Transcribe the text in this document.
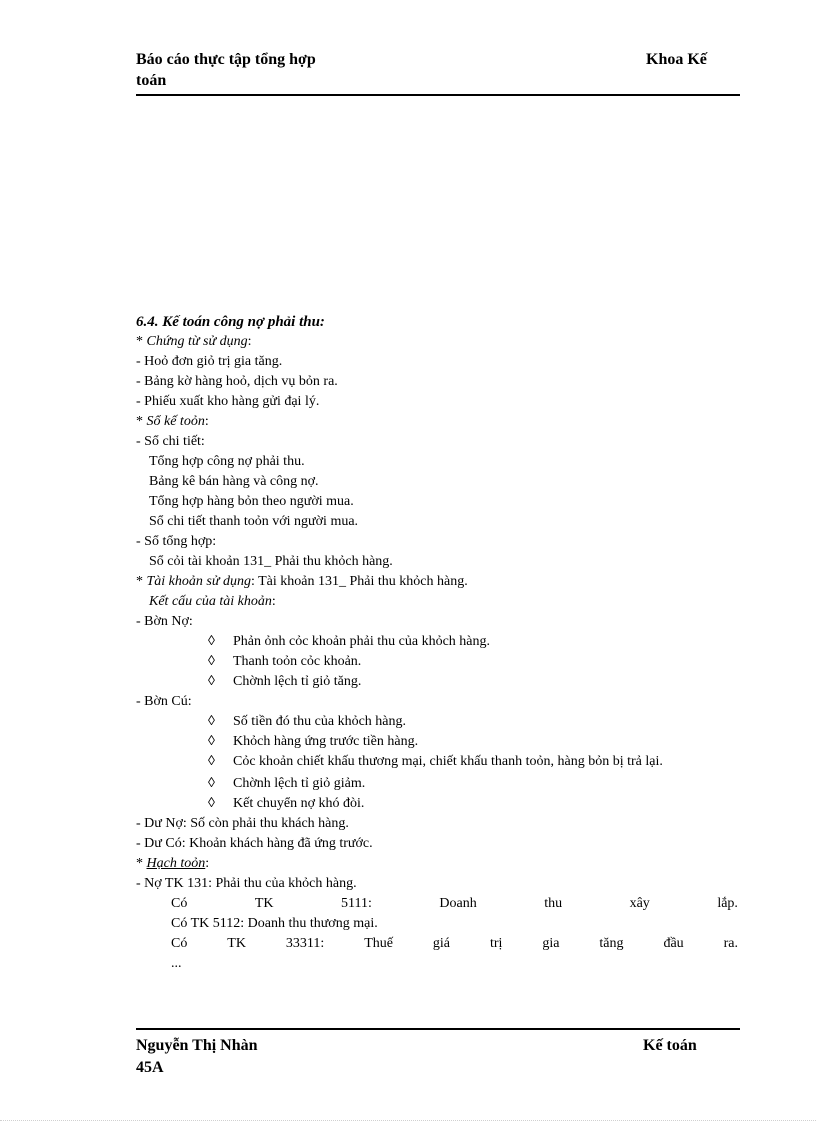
Báo cáo thực tập tổng hợp	Khoa Kế
toán
6.4. Kế toán công nợ phải thu:
* Chứng từ sử dụng:
- Hoỏ đơn giỏ trị gia tăng.
- Bảng kờ hàng hoỏ, dịch vụ bỏn ra.
- Phiếu xuất kho hàng gửi đại lý.
* Sổ kế toỏn:
- Sổ chi tiết:
Tổng hợp công nợ phải thu.
Bảng kê bán hàng và công nợ.
Tổng hợp hàng bỏn theo người mua.
Sổ chi tiết thanh toỏn với người mua.
- Sổ tổng hợp:
Sổ cỏi tài khoản 131_ Phải thu khỏch hàng.
* Tài khoản sử dụng: Tài khoản 131_ Phải thu khỏch hàng.
Kết cấu của tài khoản:
- Bờn Nợ:
◊ Phản ỏnh cỏc khoản phải thu của khỏch hàng.
◊ Thanh toỏn cỏc khoản.
◊ Chờnh lệch tỉ giỏ tăng.
- Bờn Cú:
◊ Số tiền đó thu của khỏch hàng.
◊ Khỏch hàng ứng trước tiền hàng.
◊ Cỏc khoản chiết khấu thương mại, chiết khấu thanh toỏn, hàng bỏn bị trả lại.
◊ Chờnh lệch tỉ giỏ giảm.
◊ Kết chuyển nợ khó đòi.
- Dư Nợ: Số còn phải thu khách hàng.
- Dư Có: Khoản khách hàng đã ứng trước.
* Hạch toỏn:
- Nợ TK 131: Phải thu của khỏch hàng.
Có	TK	5111:	Doanh	thu	xây	lắp.
Có TK 5112: Doanh thu thương mại.
Có	TK	33311:	Thuế	giá	trị	gia	tăng	đầu	ra.
...
Nguyễn Thị Nhàn	Kế toán
45A
